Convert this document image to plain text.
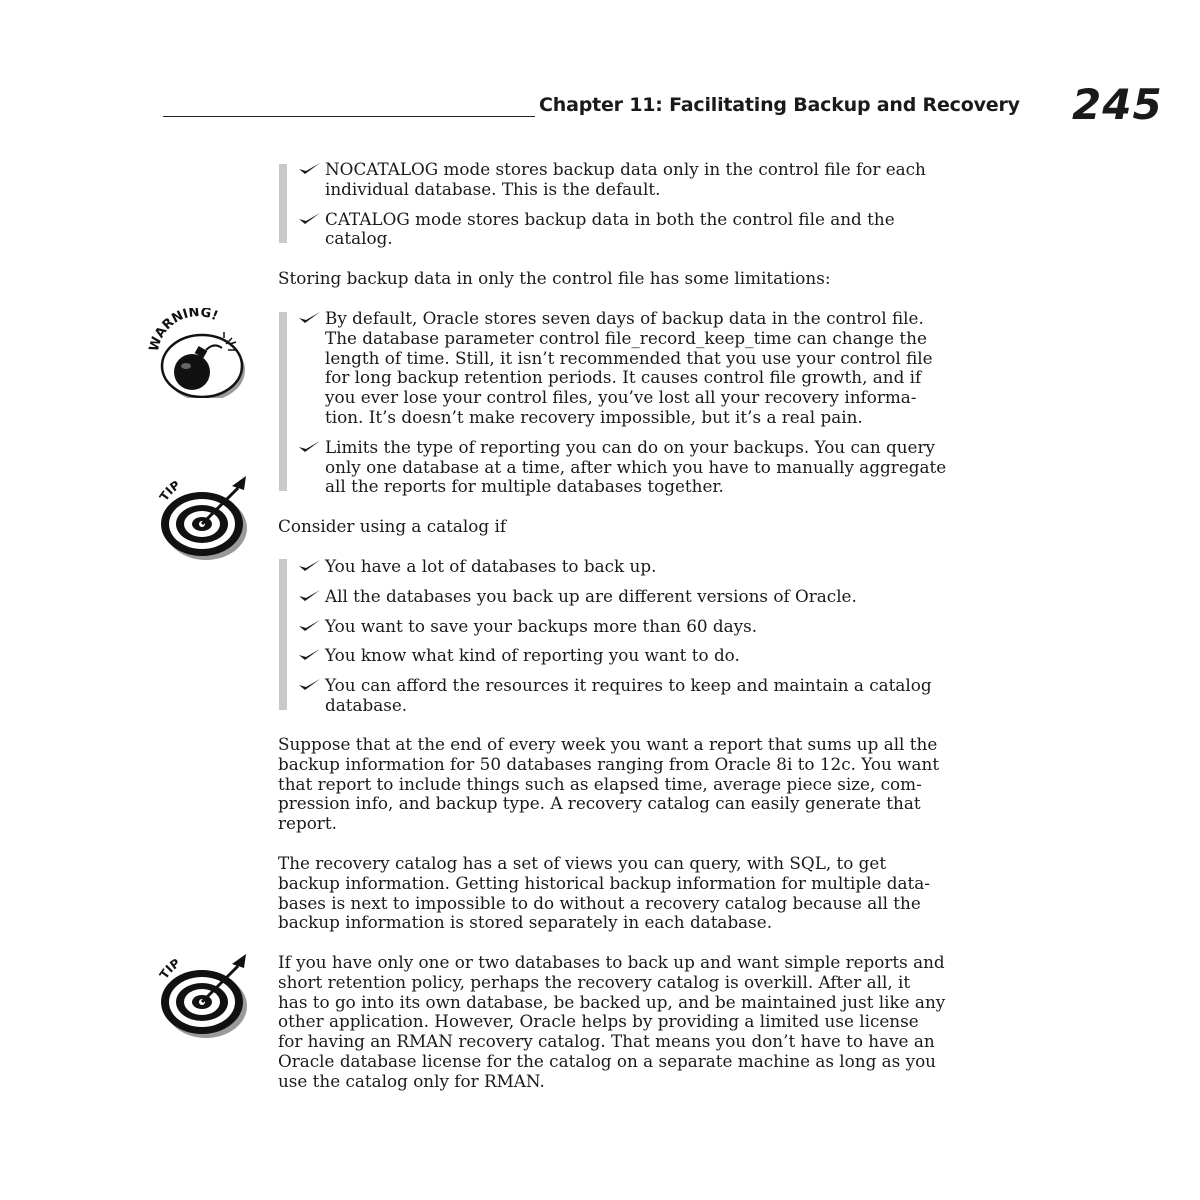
Chapter 11: Facilitating Backup and Recovery 245
NOCATALOG mode stores backup data only in the control file for each
individual database. This is the default.
CATALOG mode stores backup data in both the control file and the
catalog.

Storing backup data in only the control file has some limitations:

WARNING!	By default, Oracle stores seven days of backup data in the control file.
The database parameter control file_record_keep_time can change the
length of time. Still, it isn’t recommended that you use your control file
for long backup retention periods. It causes control file growth, and if
you ever lose your control files, you’ve lost all your recovery informa-
tion. It’s doesn’t make recovery impossible, but it’s a real pain.
Limits the type of reporting you can do on your backups. You can query
only one database at a time, after which you have to manually aggregate
all the reports for multiple databases together.
TIP

Consider using a catalog if

You have a lot of databases to back up.
All the databases you back up are different versions of Oracle.
You want to save your backups more than 60 days.
You know what kind of reporting you want to do.
You can afford the resources it requires to keep and maintain a catalog
database.

Suppose that at the end of every week you want a report that sums up all the
backup information for 50 databases ranging from Oracle 8i to 12c. You want
that report to include things such as elapsed time, average piece size, com-
pression info, and backup type. A recovery catalog can easily generate that
report.

The recovery catalog has a set of views you can query, with SQL, to get
backup information. Getting historical backup information for multiple data-
bases is next to impossible to do without a recovery catalog because all the
backup information is stored separately in each database.

TIP	If you have only one or two databases to back up and want simple reports and
short retention policy, perhaps the recovery catalog is overkill. After all, it
has to go into its own database, be backed up, and be maintained just like any
other application. However, Oracle helps by providing a limited use license
for having an RMAN recovery catalog. That means you don’t have to have an
Oracle database license for the catalog on a separate machine as long as you
use the catalog only for RMAN.
